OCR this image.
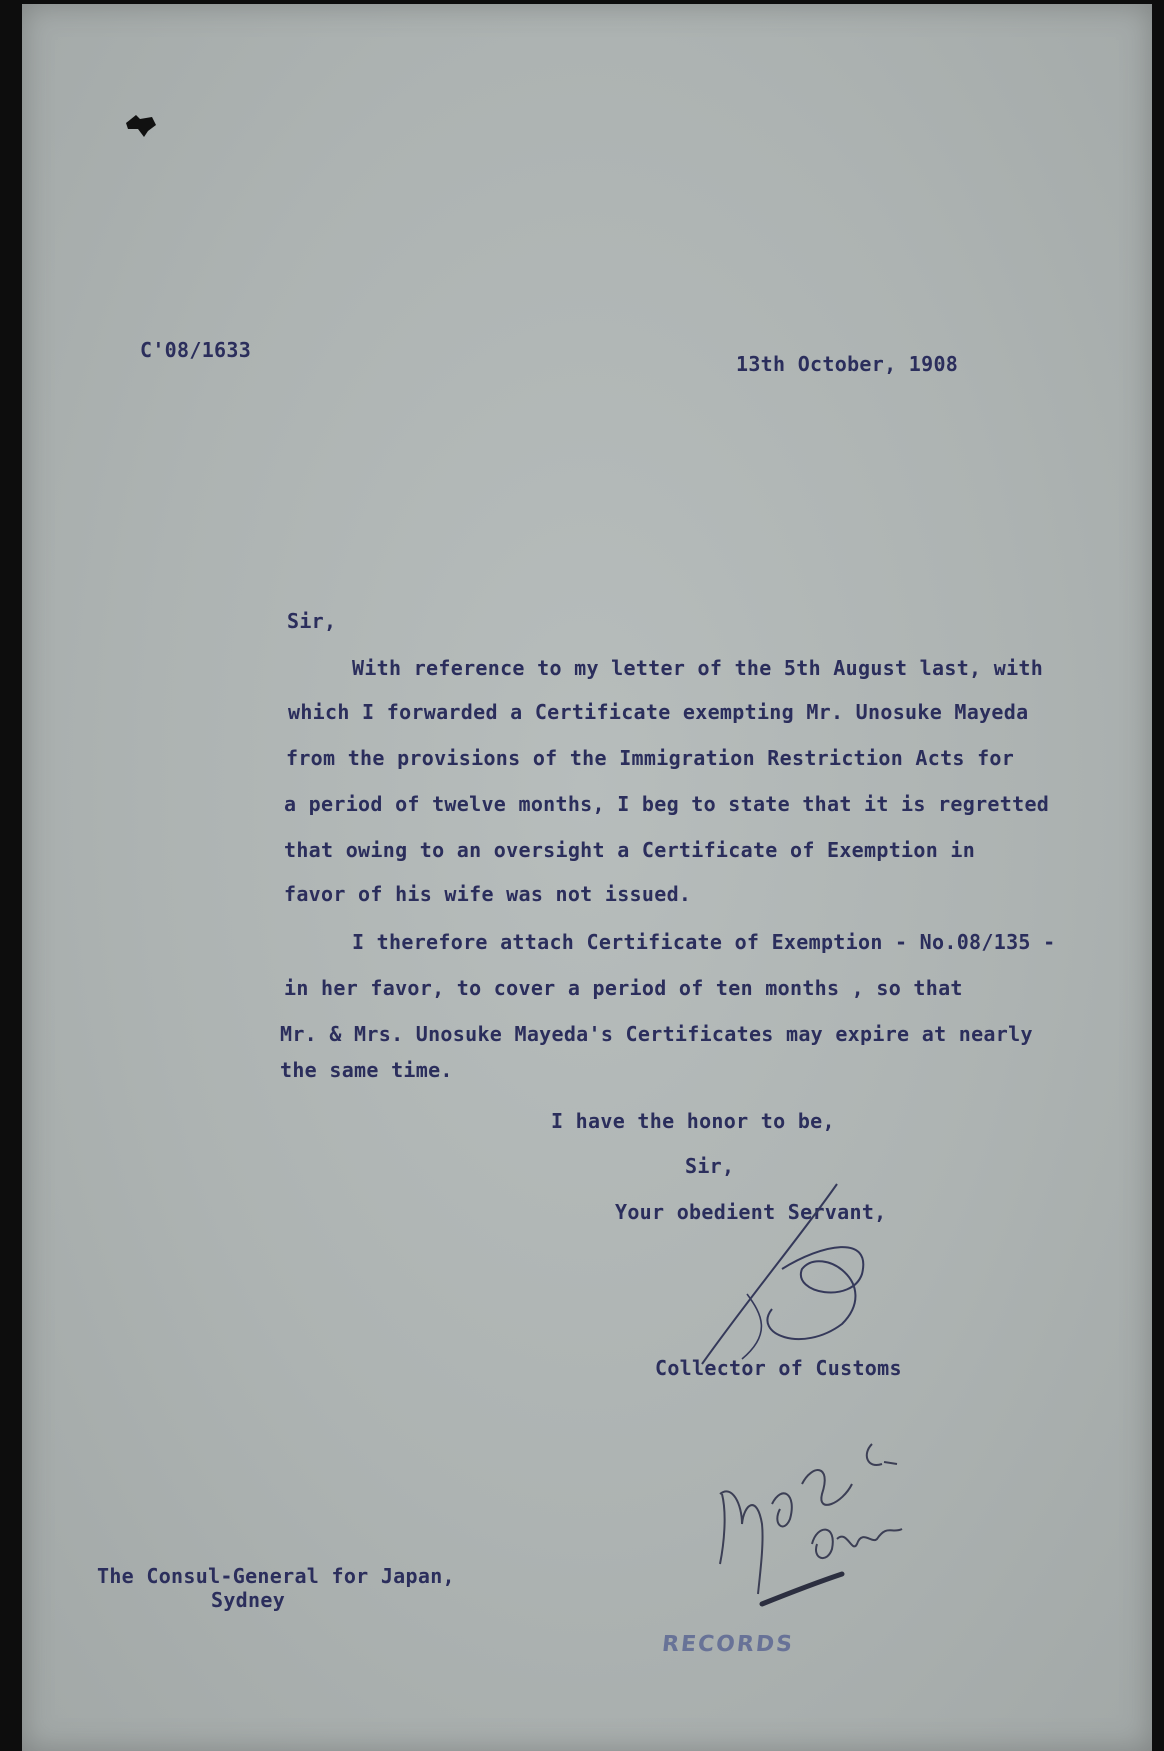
C'08/1633
13th October, 1908
Sir,
With reference to my letter of the 5th August last, with
which I forwarded a Certificate exempting Mr. Unosuke Mayeda
from the provisions of the Immigration Restriction Acts for
a period of twelve months, I beg to state that it is regretted
that owing to an oversight a Certificate of Exemption in
favor of his wife was not issued.
I therefore attach Certificate of Exemption - No.08/135 -
in her favor, to cover a period of ten months , so that
Mr. & Mrs. Unosuke Mayeda's Certificates may expire at nearly
the same time.
I have the honor to be,
Sir,
Your obedient Servant,
Collector of Customs
RECORDS
The Consul-General for Japan,
Sydney
